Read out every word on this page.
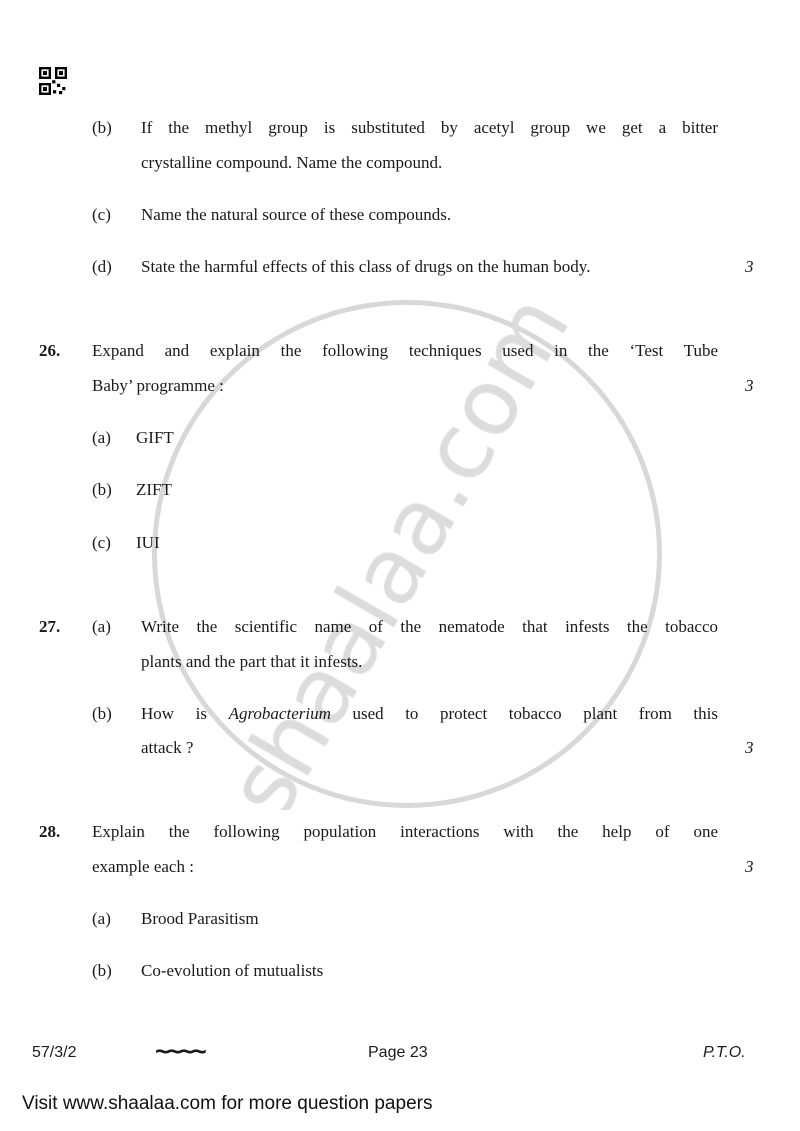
(b) If the methyl group is substituted by acetyl group we get a bitter
crystalline compound. Name the compound.
(c) Name the natural source of these compounds.
(d) State the harmful effects of this class of drugs on the human body.	3
26. Expand and explain the following techniques used in the ‘Test Tube
Baby’ programme :	3
(a) GIFT
(b) ZIFT
(c) IUI
27. (a) Write the scientific name of the nematode that infests the tobacco
plants and the part that it infests.
(b) How is Agrobacterium used to protect tobacco plant from this
attack ?	3
28. Explain the following population interactions with the help of one
example each :	3
(a) Brood Parasitism
(b) Co-evolution of mutualists
57/3/2	~~~~	Page 23	P.T.O.
Visit www.shaalaa.com for more question papers
